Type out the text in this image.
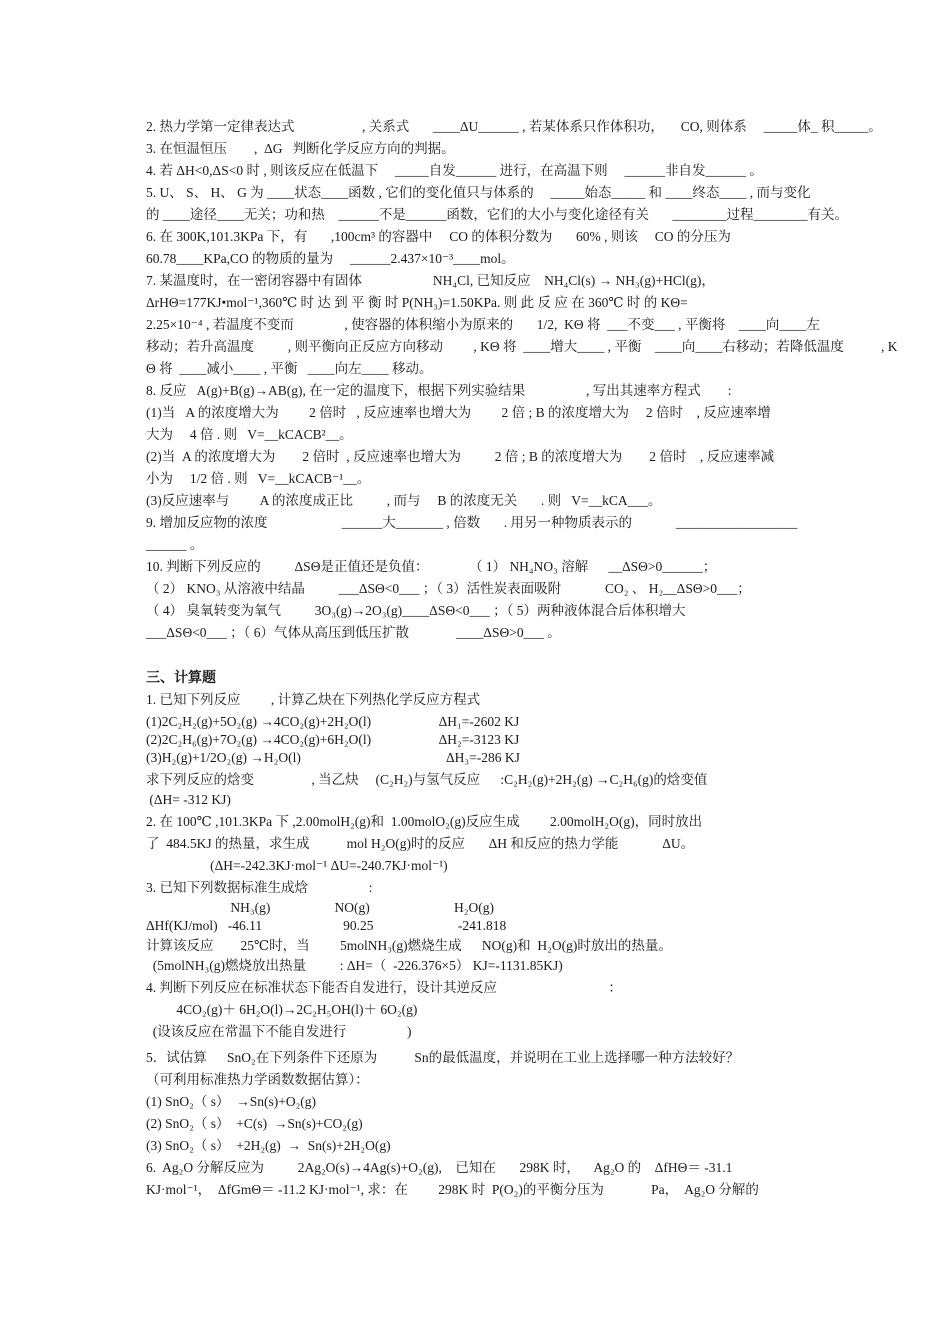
2. 热力学第一定律表达式                    , 关系式       ____ΔU______ , 若某体系只作体积功，     CO, 则体系     _____体_ 积_____。
3. 在恒温恒压        ,  ΔG   判断化学反应方向的判据。
4. 若 ΔH<0,ΔS<0 时 , 则该反应在低温下     _____自发______ 进行，在高温下则     ______非自发______ 。
5. U、 S、 H、 G 为 ____状态____函数 , 它们的变化值只与体系的     _____始态_____ 和 ____终态____ , 而与变化
的 ____途径____无关；功和热    ______不是______函数，它们的大小与变化途径有关       ________过程________有关。
6. 在 300K,101.3KPa 下，有       ,100cm³ 的容器中     CO 的体积分数为       60% , 则该     CO 的分压为
60.78____KPa,CO 的物质的量为     ______2.437×10⁻³____mol。
7. 某温度时，在一密闭容器中有固体                     NH₄Cl, 已知反应    NH₄Cl(s) → NH₃(g)+HCl(g)，
ΔrHΘ=177KJ•mol⁻¹,360℃ 时 达 到 平 衡 时 P(NH₃)=1.50KPa. 则 此 反 应 在 360℃ 时 的 KΘ=
2.25×10⁻⁴ , 若温度不变而               , 使容器的体积缩小为原来的       1/2,  KΘ 将  ___不变___ , 平衡将    ____向____左
移动；若升高温度          , 则平衡向正反应方向移动         , KΘ 将  ____增大____ , 平衡    ____向____右移动；若降低温度           , K
Θ 将  ____减小____ , 平衡   ____向左____ 移动。
8. 反应   A(g)+B(g)→AB(g), 在一定的温度下，根据下列实验结果                  , 写出其速率方程式        :
(1)当   A 的浓度增大为         2 倍时   , 反应速率也增大为         2 倍 ; B 的浓度增大为     2 倍时    , 反应速率增
大为     4 倍 . 则   V=__kCACB²__。
(2)当  A 的浓度增大为        2 倍时  , 反应速率也增大为          2 倍 ; B 的浓度增大为        2 倍时    , 反应速率减
小为     1/2 倍 . 则   V=__kCACB⁻¹__。
(3)反应速率与         A 的浓度成正比          , 而与     B 的浓度无关       . 则   V=__kCA___。
9. 增加反应物的浓度                      ______大_______ , 倍数       . 用另一种物质表示的             __________________
______ 。
10. 判断下列反应的          ΔSΘ是正值还是负值：            （ 1） NH₄NO₃ 溶解      __ΔSΘ>0______；
（ 2） KNO₃ 从溶液中结晶          ___ΔSΘ<0___ ；（ 3）活性炭表面吸附             CO₂ 、 H₂__ΔSΘ>0___；
（ 4） 臭氧转变为氧气          3O₃(g)→2O₃(g)____ΔSΘ<0___ ；（ 5）两种液体混合后体积增大
___ΔSΘ<0___ ；（ 6）气体从高压到低压扩散              ____ΔSΘ>0___ 。
三、计算题
1. 已知下列反应         , 计算乙炔在下列热化学反应方程式
(1)2C₂H₂(g)+5O₂(g) →4CO₂(g)+2H₂O(l)                    ΔH₁=-2602 KJ
(2)2C₂H₆(g)+7O₂(g) →4CO₂(g)+6H₂O(l)                    ΔH₂=-3123 KJ
(3)H₂(g)+1/2O₂(g) →H₂O(l)                                           ΔH₃=-286 KJ
求下列反应的焓变                 , 当乙炔     (C₂H₂)与氢气反应      :C₂H₂(g)+2H₂(g) →C₂H₆(g)的焓变值
(ΔH= -312 KJ)
2. 在 100℃ ,101.3KPa 下 ,2.00molH₂(g)和  1.00molO₂(g)反应生成         2.00molH₂O(g)，同时放出
了  484.5KJ 的热量，求生成           mol H₂O(g)时的反应       ΔH 和反应的热力学能             ΔU。
(ΔH=-242.3KJ·mol⁻¹ ΔU=-240.7KJ·mol⁻¹)
3. 已知下列数据标准生成焓                  :
NH₃(g)                   NO(g)                         H₂O(g)
ΔHf(KJ/mol)   -46.11                        90.25                         -241.818
计算该反应        25℃时，当         5molNH₃(g)燃烧生成      NO(g)和  H₂O(g)时放出的热量。
(5molNH₃(g)燃烧放出热量          : ΔH=（  -226.376×5） KJ=-1131.85KJ)
4. 判断下列反应在标准状态下能否自发进行，设计其逆反应                                 ：
4CO₂(g)＋ 6H₂O(l)→2C₂H₅OH(l)＋ 6O₂(g)
(设该反应在常温下不能自发进行                  )
5．试估算      SnO₂在下列条件下还原为           Sn的最低温度，并说明在工业上选择哪一种方法较好？
（可利用标准热力学函数数据估算）：
(1) SnO₂（ s）  →Sn(s)+O₂(g)
(2) SnO₂（ s）  +C(s)  →Sn(s)+CO₂(g)
(3) SnO₂（ s）  +2H₂(g)  →  Sn(s)+2H₂O(g)
6.  Ag₂O 分解反应为          2Ag₂O(s)→4Ag(s)+O₂(g),    已知在       298K 时，    Ag₂O 的    ΔfHΘ＝ -31.1
KJ·mol⁻¹，  ΔfGmΘ＝ -11.2 KJ·mol⁻¹, 求：在         298K 时  P(O₂)的平衡分压为              Pa，  Ag₂O 分解的
